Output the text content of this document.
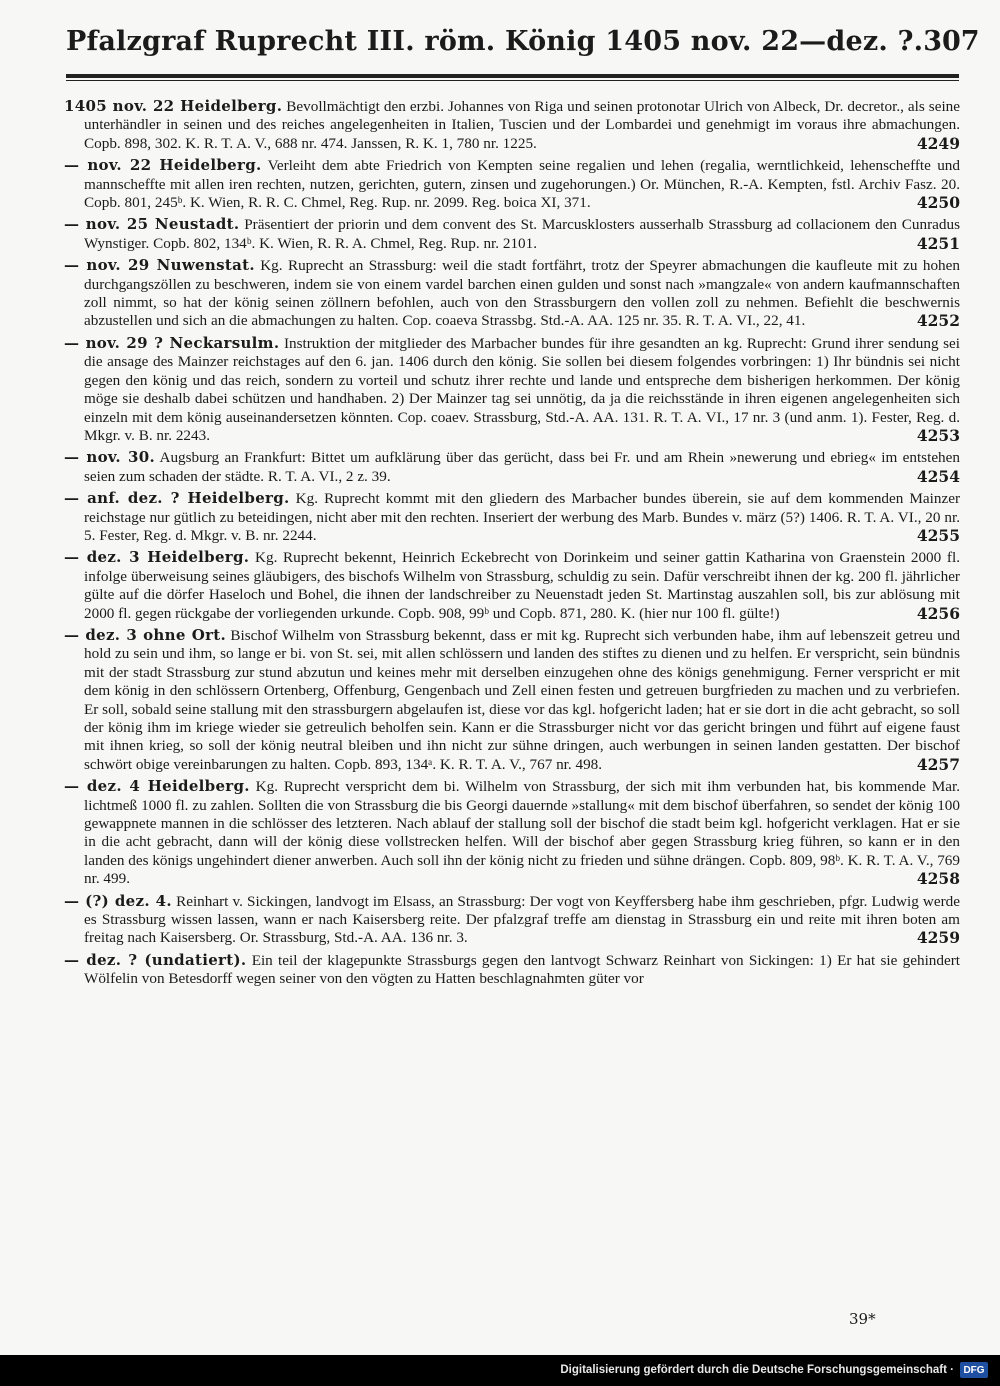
Pfalzgraf Ruprecht III. röm. König 1405 nov. 22—dez. ?. 307
1405 nov. 22 Heidelberg. Bevollmächtigt den erzbi. Johannes von Riga und seinen protonotar Ulrich von Albeck, Dr. decretor., als seine unterhändler in seinen und des reiches angelegenheiten in Italien, Tuscien und der Lombardei und genehmigt im voraus ihre abmachungen. Copb. 898, 302. K. R. T. A. V., 688 nr. 474. Janssen, R. K. 1, 780 nr. 1225.	4249
— nov. 22 Heidelberg. Verleiht dem abte Friedrich von Kempten seine regalien und lehen (regalia, werntlichkeid, lehenscheffte und mannscheffte mit allen iren rechten, nutzen, gerichten, gutern, zinsen und zugehorungen.) Or. München, R.-A. Kempten, fstl. Archiv Fasz. 20. Copb. 801, 245ᵇ. K. Wien, R. R. C. Chmel, Reg. Rup. nr. 2099. Reg. boica XI, 371.	4250
— nov. 25 Neustadt. Präsentiert der priorin und dem convent des St. Marcusklosters ausserhalb Strassburg ad collacionem den Cunradus Wynstiger. Copb. 802, 134ᵇ. K. Wien, R. R. A. Chmel, Reg. Rup. nr. 2101.	4251
— nov. 29 Nuwenstat. Kg. Ruprecht an Strassburg: weil die stadt fortfährt, trotz der Speyrer abmachungen die kaufleute mit zu hohen durchgangszöllen zu beschweren, indem sie von einem vardel barchen einen gulden und sonst nach »mangzale« von andern kaufmannschaften zoll nimmt, so hat der könig seinen zöllnern befohlen, auch von den Strassburgern den vollen zoll zu nehmen. Befiehlt die beschwernis abzustellen und sich an die abmachungen zu halten. Cop. coaeva Strassbg. Std.-A. AA. 125 nr. 35. R. T. A. VI., 22, 41.	4252
— nov. 29 ? Neckarsulm. Instruktion der mitglieder des Marbacher bundes für ihre gesandten an kg. Ruprecht: Grund ihrer sendung sei die ansage des Mainzer reichstages auf den 6. jan. 1406 durch den könig. Sie sollen bei diesem folgendes vorbringen: 1) Ihr bündnis sei nicht gegen den könig und das reich, sondern zu vorteil und schutz ihrer rechte und lande und entspreche dem bisherigen herkommen. Der könig möge sie deshalb dabei schützen und handhaben. 2) Der Mainzer tag sei unnötig, da ja die reichsstände in ihren eigenen angelegenheiten sich einzeln mit dem könig auseinandersetzen könnten. Cop. coaev. Strassburg, Std.-A. AA. 131. R. T. A. VI., 17 nr. 3 (und anm. 1). Fester, Reg. d. Mkgr. v. B. nr. 2243.	4253
— nov. 30. Augsburg an Frankfurt: Bittet um aufklärung über das gerücht, dass bei Fr. und am Rhein »newerung und ebrieg« im entstehen seien zum schaden der städte. R. T. A. VI., 2 z. 39.	4254
— anf. dez. ? Heidelberg. Kg. Ruprecht kommt mit den gliedern des Marbacher bundes überein, sie auf dem kommenden Mainzer reichstage nur gütlich zu beteidingen, nicht aber mit den rechten. Inseriert der werbung des Marb. Bundes v. märz (5?) 1406. R. T. A. VI., 20 nr. 5. Fester, Reg. d. Mkgr. v. B. nr. 2244.	4255
— dez. 3 Heidelberg. Kg. Ruprecht bekennt, Heinrich Eckebrecht von Dorinkeim und seiner gattin Katharina von Graenstein 2000 fl. infolge überweisung seines gläubigers, des bischofs Wilhelm von Strassburg, schuldig zu sein. Dafür verschreibt ihnen der kg. 200 fl. jährlicher gülte auf die dörfer Haseloch und Bohel, die ihnen der landschreiber zu Neuenstadt jeden St. Martinstag auszahlen soll, bis zur ablösung mit 2000 fl. gegen rückgabe der vorliegenden urkunde. Copb. 908, 99ᵇ und Copb. 871, 280. K. (hier nur 100 fl. gülte!)	4256
— dez. 3 ohne Ort. Bischof Wilhelm von Strassburg bekennt, dass er mit kg. Ruprecht sich verbunden habe, ihm auf lebenszeit getreu und hold zu sein und ihm, so lange er bi. von St. sei, mit allen schlössern und landen des stiftes zu dienen und zu helfen. Er verspricht, sein bündnis mit der stadt Strassburg zur stund abzutun und keines mehr mit derselben einzugehen ohne des königs genehmigung. Ferner verspricht er mit dem könig in den schlössern Ortenberg, Offenburg, Gengenbach und Zell einen festen und getreuen burgfrieden zu machen und zu verbriefen. Er soll, sobald seine stallung mit den strassburgern abgelaufen ist, diese vor das kgl. hofgericht laden; hat er sie dort in die acht gebracht, so soll der könig ihm im kriege wieder sie getreulich beholfen sein. Kann er die Strassburger nicht vor das gericht bringen und führt auf eigene faust mit ihnen krieg, so soll der könig neutral bleiben und ihn nicht zur sühne dringen, auch werbungen in seinen landen gestatten. Der bischof schwört obige vereinbarungen zu halten. Copb. 893, 134ᵃ. K. R. T. A. V., 767 nr. 498.	4257
— dez. 4 Heidelberg. Kg. Ruprecht verspricht dem bi. Wilhelm von Strassburg, der sich mit ihm verbunden hat, bis kommende Mar. lichtmeß 1000 fl. zu zahlen. Sollten die von Strassburg die bis Georgi dauernde »stallung« mit dem bischof überfahren, so sendet der könig 100 gewappnete mannen in die schlösser des letzteren. Nach ablauf der stallung soll der bischof die stadt beim kgl. hofgericht verklagen. Hat er sie in die acht gebracht, dann will der könig diese vollstrecken helfen. Will der bischof aber gegen Strassburg krieg führen, so kann er in den landen des königs ungehindert diener anwerben. Auch soll ihn der könig nicht zu frieden und sühne drängen. Copb. 809, 98ᵇ. K. R. T. A. V., 769 nr. 499.	4258
— (?) dez. 4. Reinhart v. Sickingen, landvogt im Elsass, an Strassburg: Der vogt von Keyffersberg habe ihm geschrieben, pfgr. Ludwig werde es Strassburg wissen lassen, wann er nach Kaisersberg reite. Der pfalzgraf treffe am dienstag in Strassburg ein und reite mit ihren boten am freitag nach Kaisersberg. Or. Strassburg, Std.-A. AA. 136 nr. 3.	4259
— dez. ? (undatiert). Ein teil der klagepunkte Strassburgs gegen den lantvogt Schwarz Reinhart von Sickingen: 1) Er hat sie gehindert Wölfelin von Betesdorff wegen seiner von den vögten zu Hatten beschlagnahmten güter vor
39*
Digitalisierung gefördert durch die Deutsche Forschungsgemeinschaft · DFG
